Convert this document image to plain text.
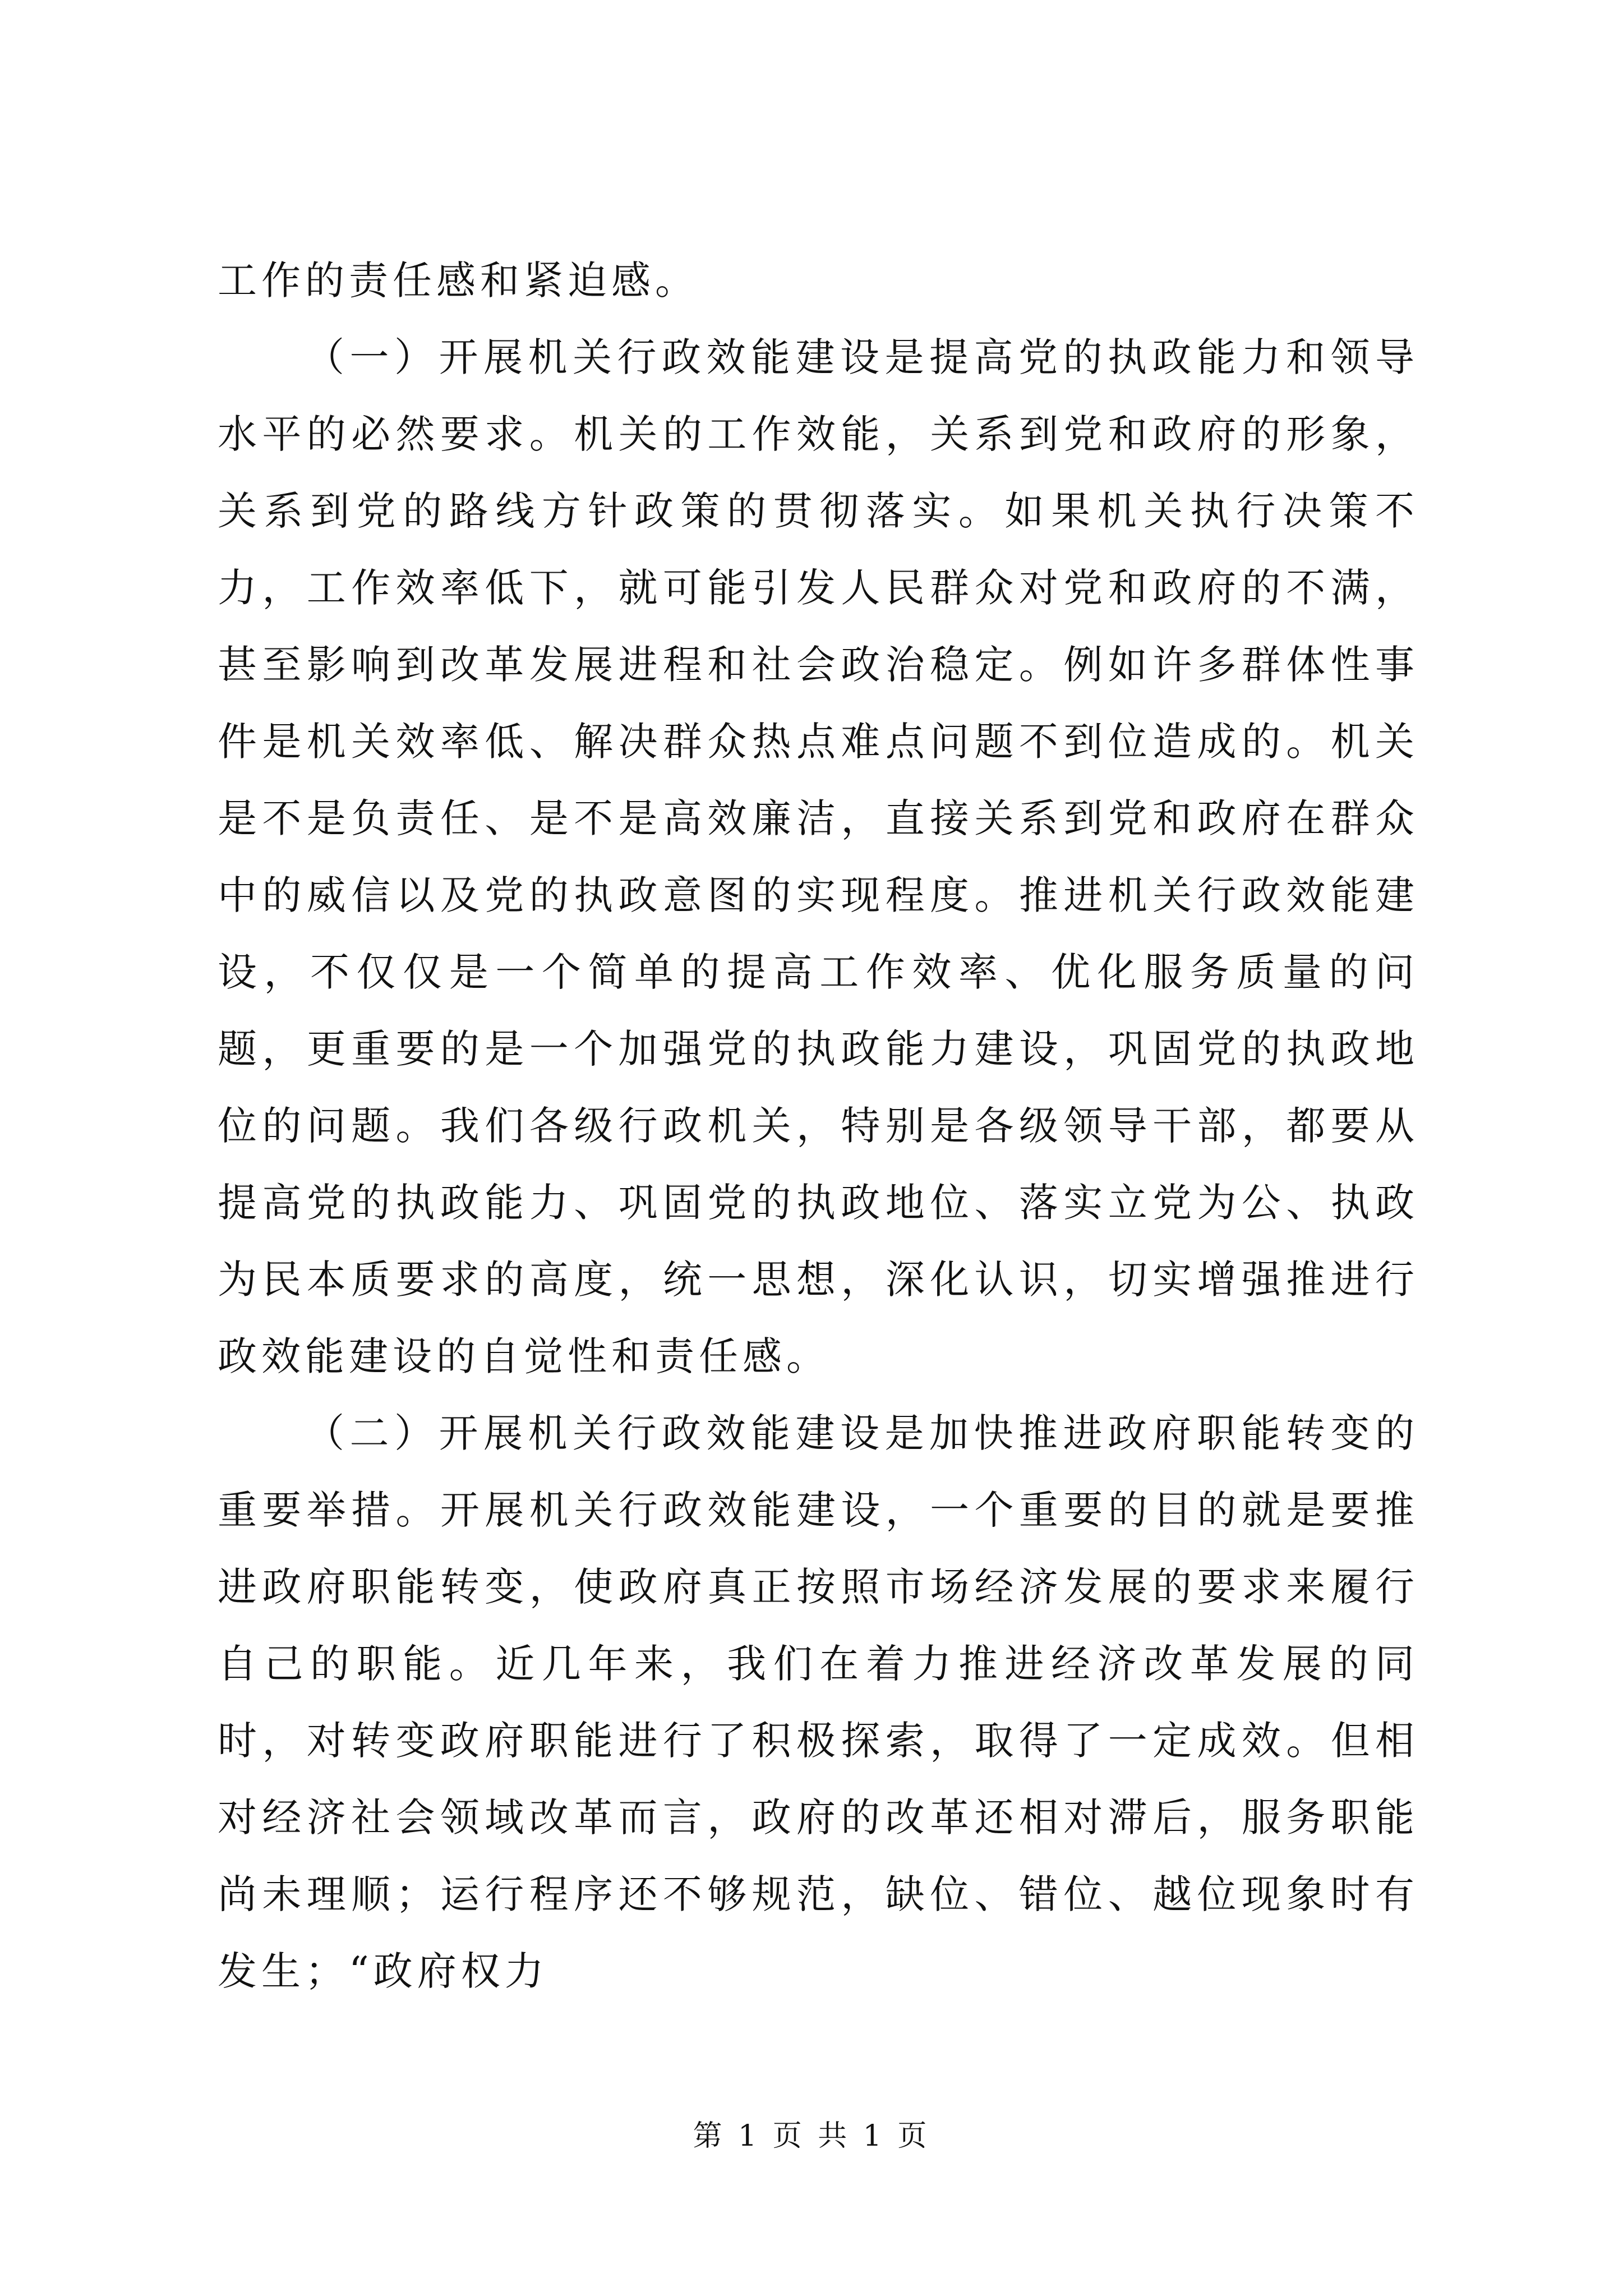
工作的责任感和紧迫感。

（一）开展机关行政效能建设是提高党的执政能力和领导水平的必然要求。机关的工作效能，关系到党和政府的形象，关系到党的路线方针政策的贯彻落实。如果机关执行决策不力，工作效率低下，就可能引发人民群众对党和政府的不满，甚至影响到改革发展进程和社会政治稳定。例如许多群体性事件是机关效率低、解决群众热点难点问题不到位造成的。机关是不是负责任、是不是高效廉洁，直接关系到党和政府在群众中的威信以及党的执政意图的实现程度。推进机关行政效能建设，不仅仅是一个简单的提高工作效率、优化服务质量的问题，更重要的是一个加强党的执政能力建设，巩固党的执政地位的问题。我们各级行政机关，特别是各级领导干部，都要从提高党的执政能力、巩固党的执政地位、落实立党为公、执政为民本质要求的高度，统一思想，深化认识，切实增强推进行政效能建设的自觉性和责任感。

（二）开展机关行政效能建设是加快推进政府职能转变的重要举措。开展机关行政效能建设，一个重要的目的就是要推进政府职能转变，使政府真正按照市场经济发展的要求来履行自己的职能。近几年来，我们在着力推进经济改革发展的同时，对转变政府职能进行了积极探索，取得了一定成效。但相对经济社会领域改革而言，政府的改革还相对滞后，服务职能尚未理顺；运行程序还不够规范，缺位、错位、越位现象时有发生；“政府权力

第 1 页 共 1 页
